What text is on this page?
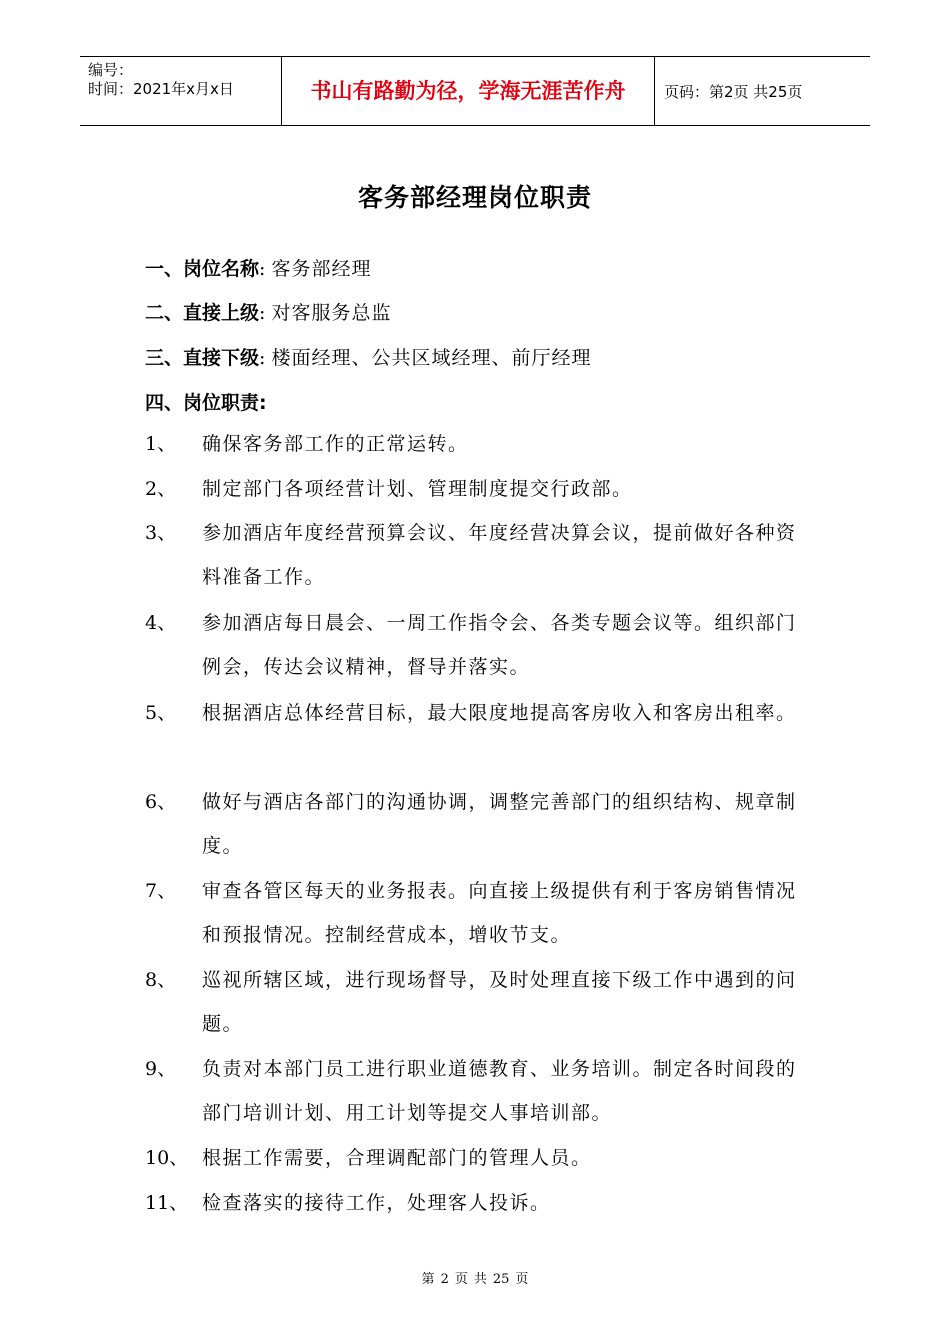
编号：
时间：2021年x月x日	书山有路勤为径，学海无涯苦作舟	页码：第2页 共25页
客务部经理岗位职责
一、岗位名称: 客务部经理
二、直接上级: 对客服务总监
三、直接下级: 楼面经理、公共区域经理、前厅经理
四、岗位职责:
1、 确保客务部工作的正常运转。
2、 制定部门各项经营计划、管理制度提交行政部。
3、 参加酒店年度经营预算会议、年度经营决算会议，提前做好各种资料准备工作。
4、 参加酒店每日晨会、一周工作指令会、各类专题会议等。组织部门例会，传达会议精神，督导并落实。
5、 根据酒店总体经营目标，最大限度地提高客房收入和客房出租率。
6、 做好与酒店各部门的沟通协调，调整完善部门的组织结构、规章制度。
7、 审查各管区每天的业务报表。向直接上级提供有利于客房销售情况和预报情况。控制经营成本，增收节支。
8、 巡视所辖区域，进行现场督导，及时处理直接下级工作中遇到的问题。
9、 负责对本部门员工进行职业道德教育、业务培训。制定各时间段的部门培训计划、用工计划等提交人事培训部。
10、 根据工作需要，合理调配部门的管理人员。
11、 检查落实的接待工作，处理客人投诉。
第 2 页 共 25 页
